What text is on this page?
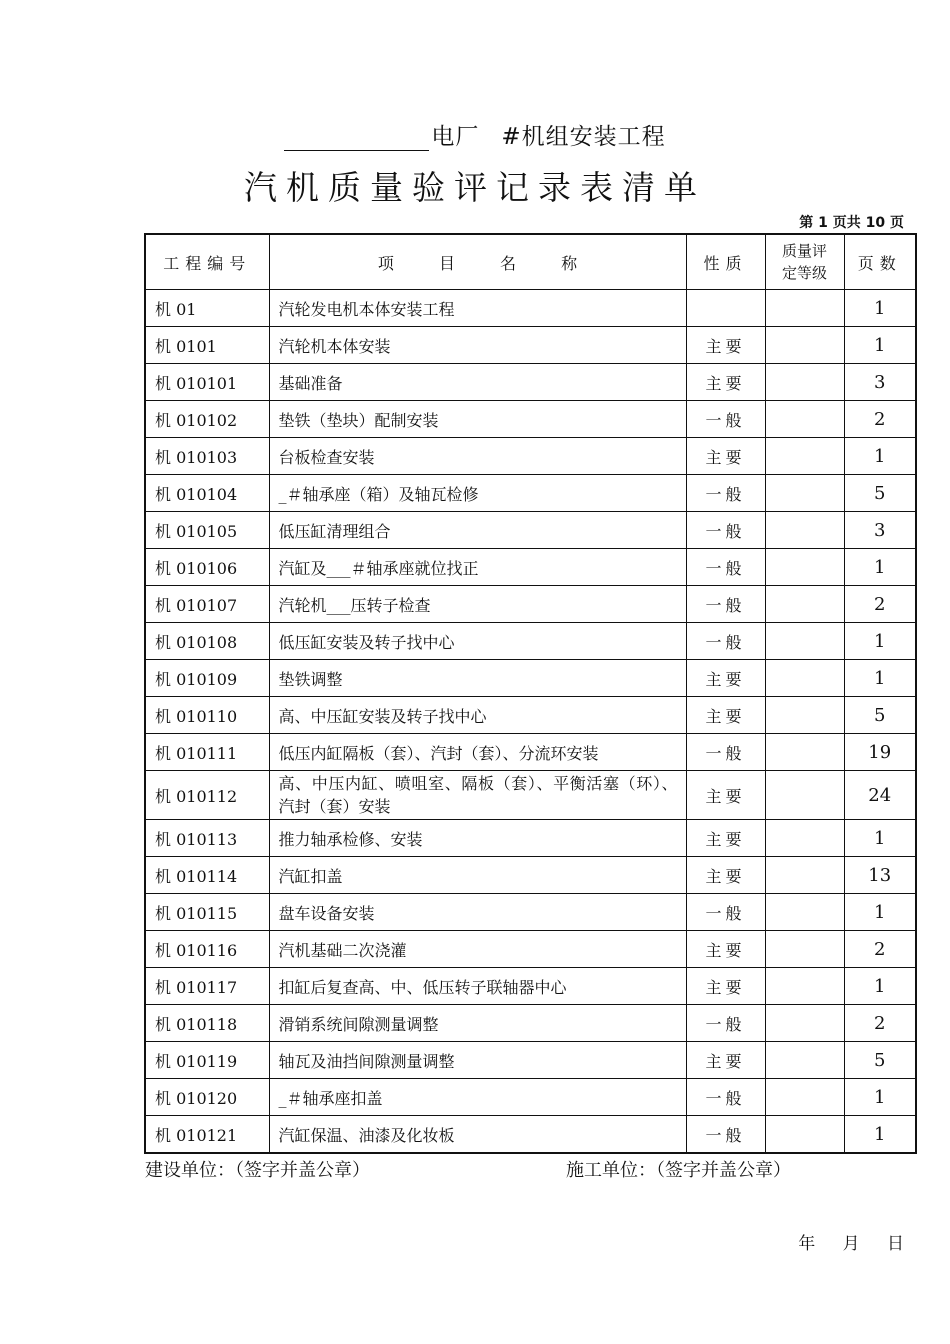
电厂 #机组安装工程
汽机质量验评记录表清单
第 1 页共 10 页
工程编号	项 目 名 称	性质	质量评定等级	页数
机 01	汽轮发电机本体安装工程			1
机 0101	汽轮机本体安装	主要		1
机 010101	基础准备	主要		3
机 010102	垫铁（垫块）配制安装	一般		2
机 010103	台板检查安装	主要		1
机 010104	_＃轴承座（箱）及轴瓦检修	一般		5
机 010105	低压缸清理组合	一般		3
机 010106	汽缸及___＃轴承座就位找正	一般		1
机 010107	汽轮机___压转子检查	一般		2
机 010108	低压缸安装及转子找中心	一般		1
机 010109	垫铁调整	主要		1
机 010110	高、中压缸安装及转子找中心	主要		5
机 010111	低压内缸隔板（套）、汽封（套）、分流环安装	一般		19
机 010112	高、中压内缸、喷咀室、隔板（套）、平衡活塞（环）、汽封（套）安装	主要		24
机 010113	推力轴承检修、安装	主要		1
机 010114	汽缸扣盖	主要		13
机 010115	盘车设备安装	一般		1
机 010116	汽机基础二次浇灌	主要		2
机 010117	扣缸后复查高、中、低压转子联轴器中心	主要		1
机 010118	滑销系统间隙测量调整	一般		2
机 010119	轴瓦及油挡间隙测量调整	主要		5
机 010120	_＃轴承座扣盖	一般		1
机 010121	汽缸保温、油漆及化妆板	一般		1
建设单位：（签字并盖公章）	施工单位：（签字并盖公章）
年 月 日
